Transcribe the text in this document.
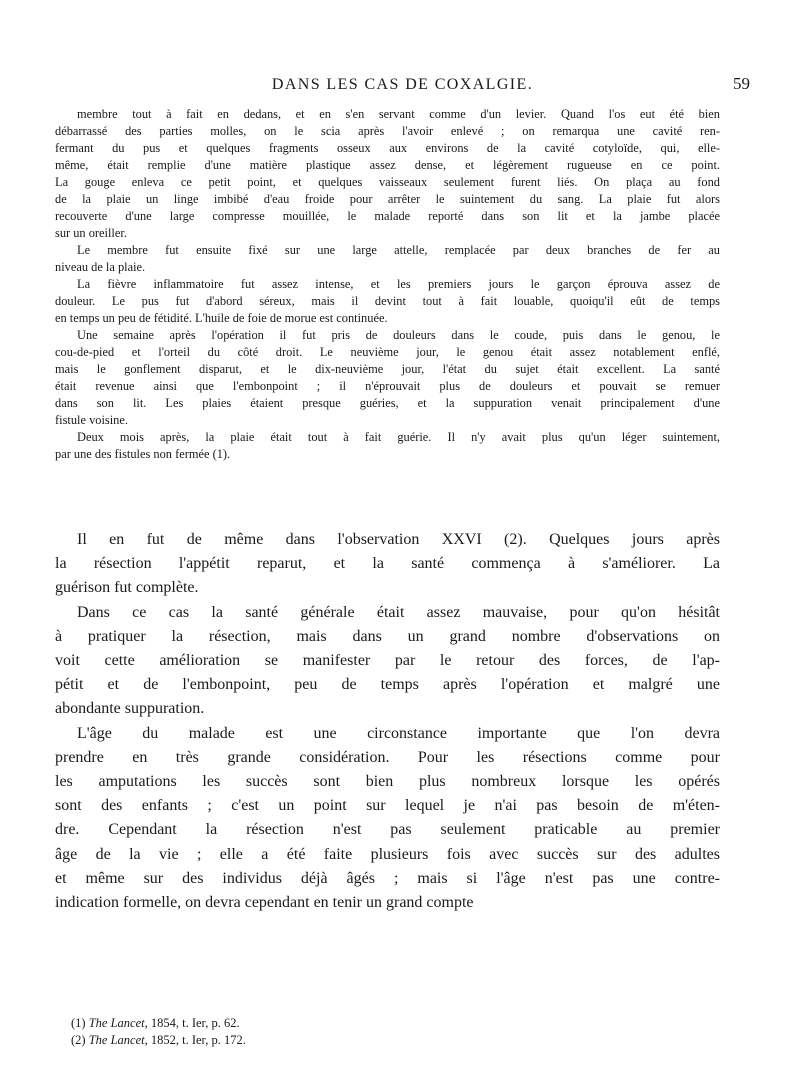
DANS LES CAS DE COXALGIE.	59

membre tout à fait en dedans, et en s'en servant comme d'un levier. Quand l'os eut été bien
débarrassé des parties molles, on le scia après l'avoir enlevé ; on remarqua une cavité ren-
fermant du pus et quelques fragments osseux aux environs de la cavité cotyloïde, qui, elle-
même, était remplie d'une matière plastique assez dense, et légèrement rugueuse en ce point.
La gouge enleva ce petit point, et quelques vaisseaux seulement furent liés. On plaça au fond
de la plaie un linge imbibé d'eau froide pour arrêter le suintement du sang. La plaie fut alors
recouverte d'une large compresse mouillée, le malade reporté dans son lit et la jambe placée
sur un oreiller.

Le membre fut ensuite fixé sur une large attelle, remplacée par deux branches de fer au
niveau de la plaie.

La fièvre inflammatoire fut assez intense, et les premiers jours le garçon éprouva assez de
douleur. Le pus fut d'abord séreux, mais il devint tout à fait louable, quoiqu'il eût de temps
en temps un peu de fétidité. L'huile de foie de morue est continuée.

Une semaine après l'opération il fut pris de douleurs dans le coude, puis dans le genou, le
cou-de-pied et l'orteil du côté droit. Le neuvième jour, le genou était assez notablement enflé,
mais le gonflement disparut, et le dix-neuvième jour, l'état du sujet était excellent. La santé
était revenue ainsi que l'embonpoint ; il n'éprouvait plus de douleurs et pouvait se remuer
dans son lit. Les plaies étaient presque guéries, et la suppuration venait principalement d'une
fistule voisine.

Deux mois après, la plaie était tout à fait guérie. Il n'y avait plus qu'un léger suintement,
par une des fistules non fermée (1).

Il en fut de même dans l'observation XXVI (2). Quelques jours après
la résection l'appétit reparut, et la santé commença à s'améliorer. La
guérison fut complète.

Dans ce cas la santé générale était assez mauvaise, pour qu'on hésitât
à pratiquer la résection, mais dans un grand nombre d'observations on
voit cette amélioration se manifester par le retour des forces, de l'ap-
pétit et de l'embonpoint, peu de temps après l'opération et malgré une
abondante suppuration.

L'âge du malade est une circonstance importante que l'on devra
prendre en très grande considération. Pour les résections comme pour
les amputations les succès sont bien plus nombreux lorsque les opérés
sont des enfants ; c'est un point sur lequel je n'ai pas besoin de m'éten-
dre. Cependant la résection n'est pas seulement praticable au premier
âge de la vie ; elle a été faite plusieurs fois avec succès sur des adultes
et même sur des individus déjà âgés ; mais si l'âge n'est pas une contre-
indication formelle, on devra cependant en tenir un grand compte

(1) The Lancet, 1854, t. Ier, p. 62.
(2) The Lancet, 1852, t. Ier, p. 172.
